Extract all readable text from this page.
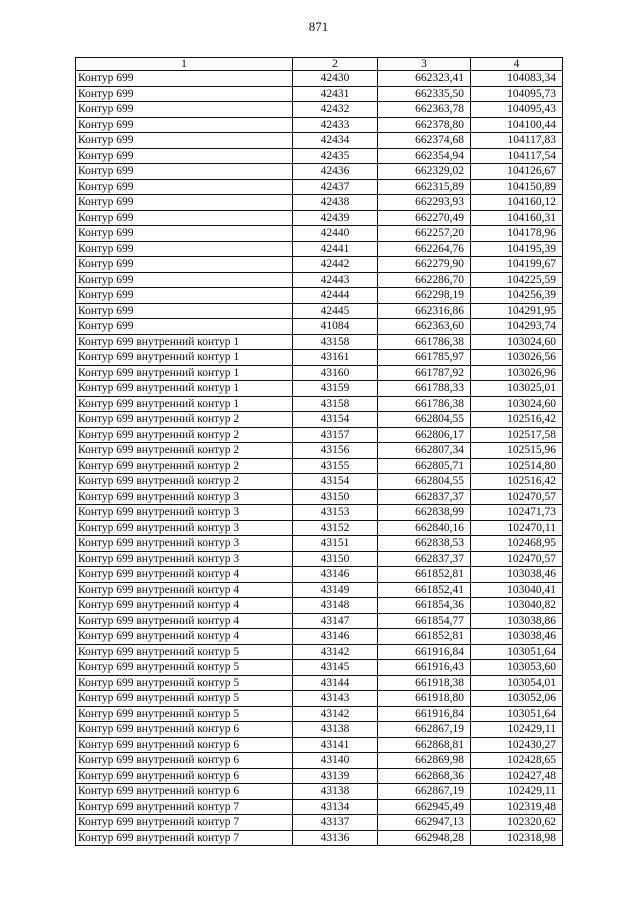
871
1	2	3	4
Контур 699	42430	662323,41	104083,34
Контур 699	42431	662335,50	104095,73
Контур 699	42432	662363,78	104095,43
Контур 699	42433	662378,80	104100,44
Контур 699	42434	662374,68	104117,83
Контур 699	42435	662354,94	104117,54
Контур 699	42436	662329,02	104126,67
Контур 699	42437	662315,89	104150,89
Контур 699	42438	662293,93	104160,12
Контур 699	42439	662270,49	104160,31
Контур 699	42440	662257,20	104178,96
Контур 699	42441	662264,76	104195,39
Контур 699	42442	662279,90	104199,67
Контур 699	42443	662286,70	104225,59
Контур 699	42444	662298,19	104256,39
Контур 699	42445	662316,86	104291,95
Контур 699	41084	662363,60	104293,74
Контур 699 внутренний контур 1	43158	661786,38	103024,60
Контур 699 внутренний контур 1	43161	661785,97	103026,56
Контур 699 внутренний контур 1	43160	661787,92	103026,96
Контур 699 внутренний контур 1	43159	661788,33	103025,01
Контур 699 внутренний контур 1	43158	661786,38	103024,60
Контур 699 внутренний контур 2	43154	662804,55	102516,42
Контур 699 внутренний контур 2	43157	662806,17	102517,58
Контур 699 внутренний контур 2	43156	662807,34	102515,96
Контур 699 внутренний контур 2	43155	662805,71	102514,80
Контур 699 внутренний контур 2	43154	662804,55	102516,42
Контур 699 внутренний контур 3	43150	662837,37	102470,57
Контур 699 внутренний контур 3	43153	662838,99	102471,73
Контур 699 внутренний контур 3	43152	662840,16	102470,11
Контур 699 внутренний контур 3	43151	662838,53	102468,95
Контур 699 внутренний контур 3	43150	662837,37	102470,57
Контур 699 внутренний контур 4	43146	661852,81	103038,46
Контур 699 внутренний контур 4	43149	661852,41	103040,41
Контур 699 внутренний контур 4	43148	661854,36	103040,82
Контур 699 внутренний контур 4	43147	661854,77	103038,86
Контур 699 внутренний контур 4	43146	661852,81	103038,46
Контур 699 внутренний контур 5	43142	661916,84	103051,64
Контур 699 внутренний контур 5	43145	661916,43	103053,60
Контур 699 внутренний контур 5	43144	661918,38	103054,01
Контур 699 внутренний контур 5	43143	661918,80	103052,06
Контур 699 внутренний контур 5	43142	661916,84	103051,64
Контур 699 внутренний контур 6	43138	662867,19	102429,11
Контур 699 внутренний контур 6	43141	662868,81	102430,27
Контур 699 внутренний контур 6	43140	662869,98	102428,65
Контур 699 внутренний контур 6	43139	662868,36	102427,48
Контур 699 внутренний контур 6	43138	662867,19	102429,11
Контур 699 внутренний контур 7	43134	662945,49	102319,48
Контур 699 внутренний контур 7	43137	662947,13	102320,62
Контур 699 внутренний контур 7	43136	662948,28	102318,98
